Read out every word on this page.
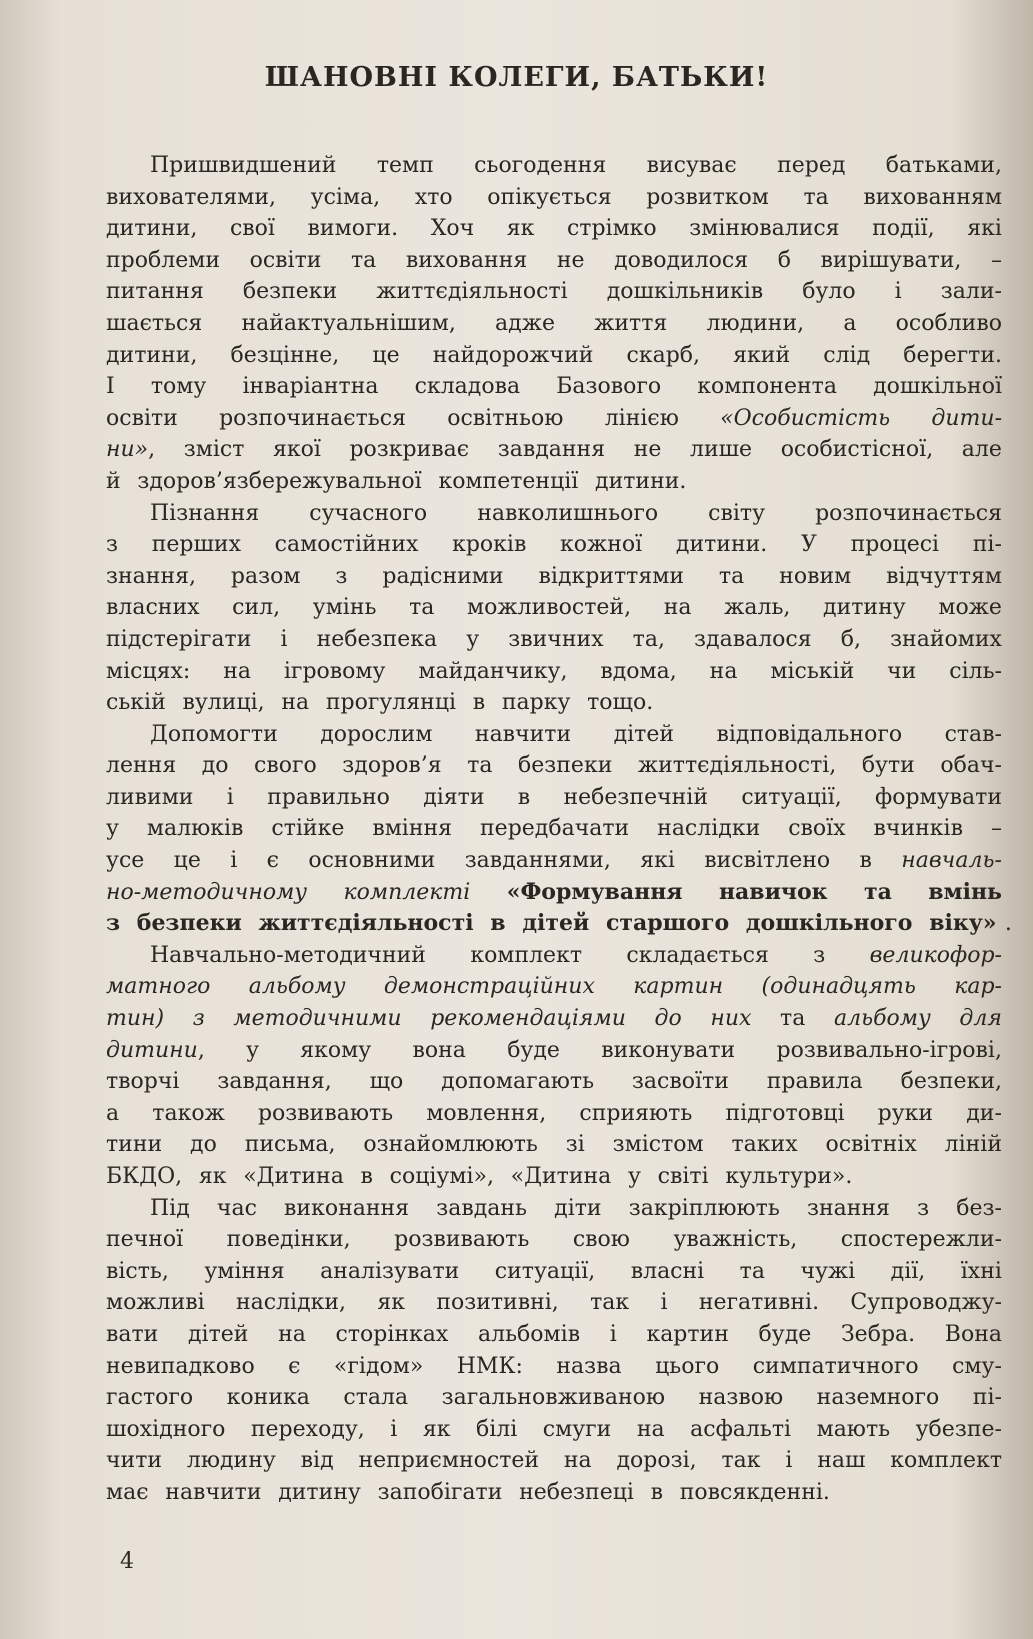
ШАНОВНІ КОЛЕГИ, БАТЬКИ!
Пришвидшений темп сьогодення висуває перед батьками,
вихователями, усіма, хто опікується розвитком та вихованням
дитини, свої вимоги. Хоч як стрімко змінювалися події, які
проблеми освіти та виховання не доводилося б вирішувати, –
питання безпеки життєдіяльності дошкільників було і зали-
шається найактуальнішим, адже життя людини, а особливо
дитини, безцінне, це найдорожчий скарб, який слід берегти.
І тому інваріантна складова Базового компонента дошкільної
освіти розпочинається освітньою лінією «Особистість дити-
ни», зміст якої розкриває завдання не лише особистісної, але
й здоров’язбережувальної компетенції дитини.
Пізнання сучасного навколишнього світу розпочинається
з перших самостійних кроків кожної дитини. У процесі пі-
знання, разом з радісними відкриттями та новим відчуттям
власних сил, умінь та можливостей, на жаль, дитину може
підстерігати і небезпека у звичних та, здавалося б, знайомих
місцях: на ігровому майданчику, вдома, на міській чи сіль-
ській вулиці, на прогулянці в парку тощо.
Допомогти дорослим навчити дітей відповідального став-
лення до свого здоров’я та безпеки життєдіяльності, бути обач-
ливими і правильно діяти в небезпечній ситуації, формувати
у малюків стійке вміння передбачати наслідки своїх вчинків –
усе це і є основними завданнями, які висвітлено в навчаль-
но-методичному комплекті «Формування навичок та вмінь
з безпеки життєдіяльності в дітей старшого дошкільного віку» .
Навчально-методичний комплект складається з великофор-
матного альбому демонстраційних картин (одинадцять кар-
тин) з методичними рекомендаціями до них та альбому для
дитини, у якому вона буде виконувати розвивально-ігрові,
творчі завдання, що допомагають засвоїти правила безпеки,
а також розвивають мовлення, сприяють підготовці руки ди-
тини до письма, ознайомлюють зі змістом таких освітніх ліній
БКДО, як «Дитина в соціумі», «Дитина у світі культури».
Під час виконання завдань діти закріплюють знання з без-
печної поведінки, розвивають свою уважність, спостережли-
вість, уміння аналізувати ситуації, власні та чужі дії, їхні
можливі наслідки, як позитивні, так і негативні. Супроводжу-
вати дітей на сторінках альбомів і картин буде Зебра. Вона
невипадково є «гідом» НМК: назва цього симпатичного сму-
гастого коника стала загальновживаною назвою наземного пі-
шохідного переходу, і як білі смуги на асфальті мають убезпе-
чити людину від неприємностей на дорозі, так і наш комплект
має навчити дитину запобігати небезпеці в повсякденні.
4
